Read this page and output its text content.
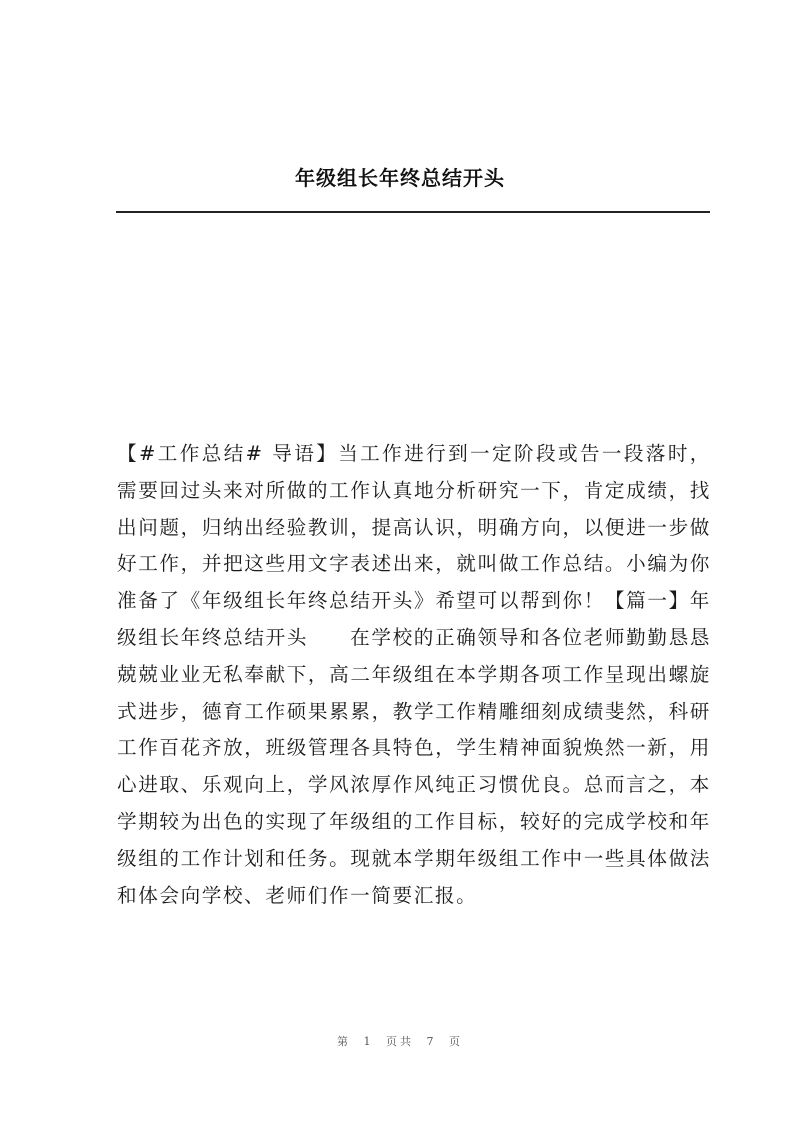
年级组长年终总结开头

【#工作总结# 导语】当工作进行到一定阶段或告一段落时，需要回过头来对所做的工作认真地分析研究一下，肯定成绩，找出问题，归纳出经验教训，提高认识，明确方向，以便进一步做好工作，并把这些用文字表述出来，就叫做工作总结。小编为你准备了《年级组长年终总结开头》希望可以帮到你！【篇一】年级组长年终总结开头 在学校的正确领导和各位老师勤勤恳恳兢兢业业无私奉献下，高二年级组在本学期各项工作呈现出螺旋式进步，德育工作硕果累累，教学工作精雕细刻成绩斐然，科研工作百花齐放，班级管理各具特色，学生精神面貌焕然一新，用心进取、乐观向上，学风浓厚作风纯正习惯优良。总而言之，本学期较为出色的实现了年级组的工作目标，较好的完成学校和年级组的工作计划和任务。现就本学期年级组工作中一些具体做法和体会向学校、老师们作一简要汇报。

第 1 页共 7 页
